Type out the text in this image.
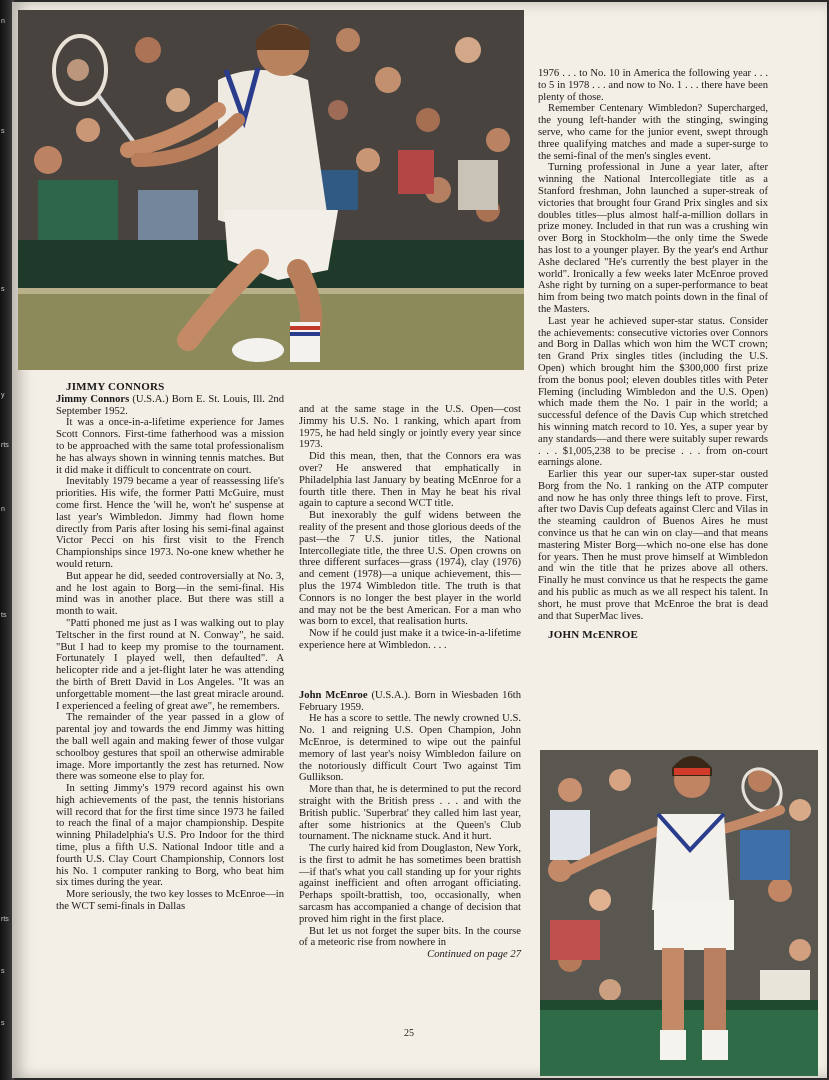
n
s
s
y
rts
n
ts
rts
s
s

JIMMY CONNORS

Jimmy Connors (U.S.A.) Born E. St. Louis, Ill. 2nd September 1952.

It was a once-in-a-lifetime experience for James Scott Connors. First-time fatherhood was a mission to be approached with the same total professionalism he has always shown in winning tennis matches. But it did make it difficult to concentrate on court.

Inevitably 1979 became a year of reassessing life's priorities. His wife, the former Patti McGuire, must come first. Hence the 'will he, won't he' suspense at last year's Wimbledon. Jimmy had flown home directly from Paris after losing his semi-final against Victor Pecci on his first visit to the French Championships since 1973. No-one knew whether he would return.

But appear he did, seeded controversially at No. 3, and he lost again to Borg—in the semi-final. His mind was in another place. But there was still a month to wait.

"Patti phoned me just as I was walking out to play Teltscher in the first round at N. Conway", he said. "But I had to keep my promise to the tournament. Fortunately I played well, then defaulted". A helicopter ride and a jet-flight later he was attending the birth of Brett David in Los Angeles. "It was an unforgettable moment—the last great miracle around. I experienced a feeling of great awe", he remembers.

The remainder of the year passed in a glow of parental joy and towards the end Jimmy was hitting the ball well again and making fewer of those vulgar schoolboy gestures that spoil an otherwise admirable image. More importantly the zest has returned. Now there was someone else to play for.

In setting Jimmy's 1979 record against his own high achievements of the past, the tennis historians will record that for the first time since 1973 he failed to reach the final of a major championship. Despite winning Philadelphia's U.S. Pro Indoor for the third time, plus a fifth U.S. National Indoor title and a fourth U.S. Clay Court Championship, Connors lost his No. 1 computer ranking to Borg, who beat him six times during the year.

More seriously, the two key losses to McEnroe—in the WCT semi-finals in Dallas

and at the same stage in the U.S. Open—cost Jimmy his U.S. No. 1 ranking, which apart from 1975, he had held singly or jointly every year since 1973.

Did this mean, then, that the Connors era was over? He answered that emphatically in Philadelphia last January by beating McEnroe for a fourth title there. Then in May he beat his rival again to capture a second WCT title.

But inexorably the gulf widens between the reality of the present and those glorious deeds of the past—the 7 U.S. junior titles, the National Intercollegiate title, the three U.S. Open crowns on three different surfaces—grass (1974), clay (1976) and cement (1978)—a unique achievement, this—plus the 1974 Wimbledon title. The truth is that Connors is no longer the best player in the world and may not be the best American. For a man who was born to excel, that realisation hurts.

Now if he could just make it a twice-in-a-lifetime experience here at Wimbledon. . . .

John McEnroe (U.S.A.). Born in Wiesbaden 16th February 1959.

He has a score to settle. The newly crowned U.S. No. 1 and reigning U.S. Open Champion, John McEnroe, is determined to wipe out the painful memory of last year's noisy Wimbledon failure on the notoriously difficult Court Two against Tim Gullikson.

More than that, he is determined to put the record straight with the British press . . . and with the British public. 'Superbrat' they called him last year, after some histrionics at the Queen's Club tournament. The nickname stuck. And it hurt.

The curly haired kid from Douglaston, New York, is the first to admit he has sometimes been brattish—if that's what you call standing up for your rights against inefficient and often arrogant officiating. Perhaps spoilt-brattish, too, occasionally, when sarcasm has accompanied a change of decision that proved him right in the first place.

But let us not forget the super bits. In the course of a meteoric rise from nowhere in

Continued on page 27

1976 . . . to No. 10 in America the following year . . . to 5 in 1978 . . . and now to No. 1 . . . there have been plenty of those.

Remember Centenary Wimbledon? Supercharged, the young left-hander with the stinging, swinging serve, who came for the junior event, swept through three qualifying matches and made a super-surge to the semi-final of the men's singles event.

Turning professional in June a year later, after winning the National Intercollegiate title as a Stanford freshman, John launched a super-streak of victories that brought four Grand Prix singles and six doubles titles—plus almost half-a-million dollars in prize money. Included in that run was a crushing win over Borg in Stockholm—the only time the Swede has lost to a younger player. By the year's end Arthur Ashe declared "He's currently the best player in the world". Ironically a few weeks later McEnroe proved Ashe right by turning on a super-performance to beat him from being two match points down in the final of the Masters.

Last year he achieved super-star status. Consider the achievements: consecutive victories over Connors and Borg in Dallas which won him the WCT crown; ten Grand Prix singles titles (including the U.S. Open) which brought him the $300,000 first prize from the bonus pool; eleven doubles titles with Peter Fleming (including Wimbledon and the U.S. Open) which made them the No. 1 pair in the world; a successful defence of the Davis Cup which stretched his winning match record to 10. Yes, a super year by any standards—and there were suitably super rewards . . . $1,005,238 to be precise . . . from on-court earnings alone.

Earlier this year our super-tax super-star ousted Borg from the No. 1 ranking on the ATP computer and now he has only three things left to prove. First, after two Davis Cup defeats against Clerc and Vilas in the steaming cauldron of Buenos Aires he must convince us that he can win on clay—and that means mastering Mister Borg—which no-one else has done for years. Then he must prove himself at Wimbledon and win the title that he prizes above all others. Finally he must convince us that he respects the game and his public as much as we all respect his talent. In short, he must prove that McEnroe the brat is dead and that SuperMac lives.

JOHN McENROE

25
